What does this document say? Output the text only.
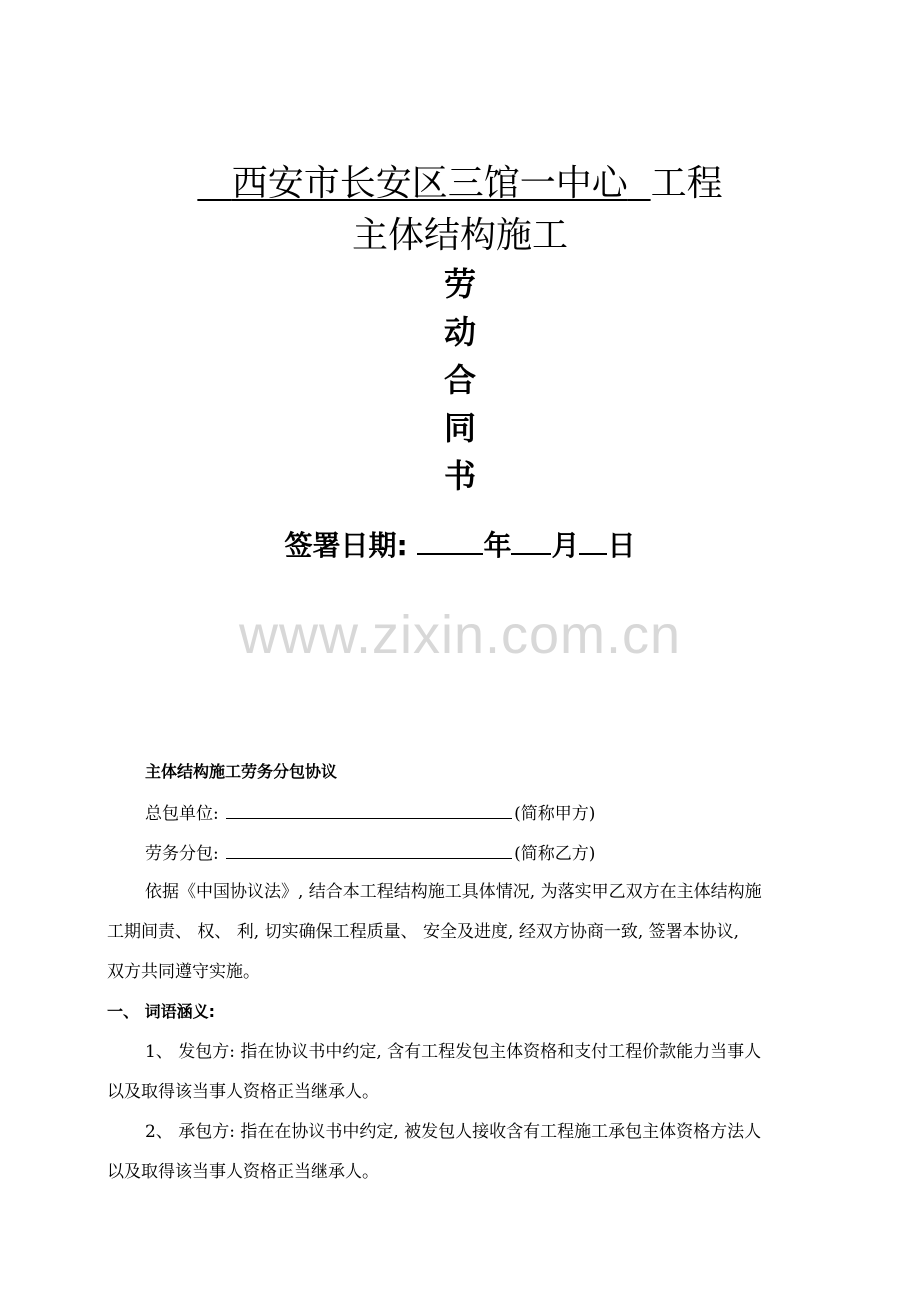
西安市长安区三馆一中心 工程
主体结构施工
劳
动
合
同
书
签署日期:	年 月 日
www.zixin.com.cn
主体结构施工劳务分包协议
总包单位:	(简称甲方)
劳务分包:	(简称乙方)
依据《中国协议法》, 结合本工程结构施工具体情况, 为落实甲乙双方在主体结构施
工期间责、 权、 利, 切实确保工程质量、 安全及进度, 经双方协商一致, 签署本协议,
双方共同遵守实施。
一、 词语涵义:
1、 发包方: 指在协议书中约定, 含有工程发包主体资格和支付工程价款能力当事人
以及取得该当事人资格正当继承人。
2、 承包方: 指在在协议书中约定, 被发包人接收含有工程施工承包主体资格方法人
以及取得该当事人资格正当继承人。
